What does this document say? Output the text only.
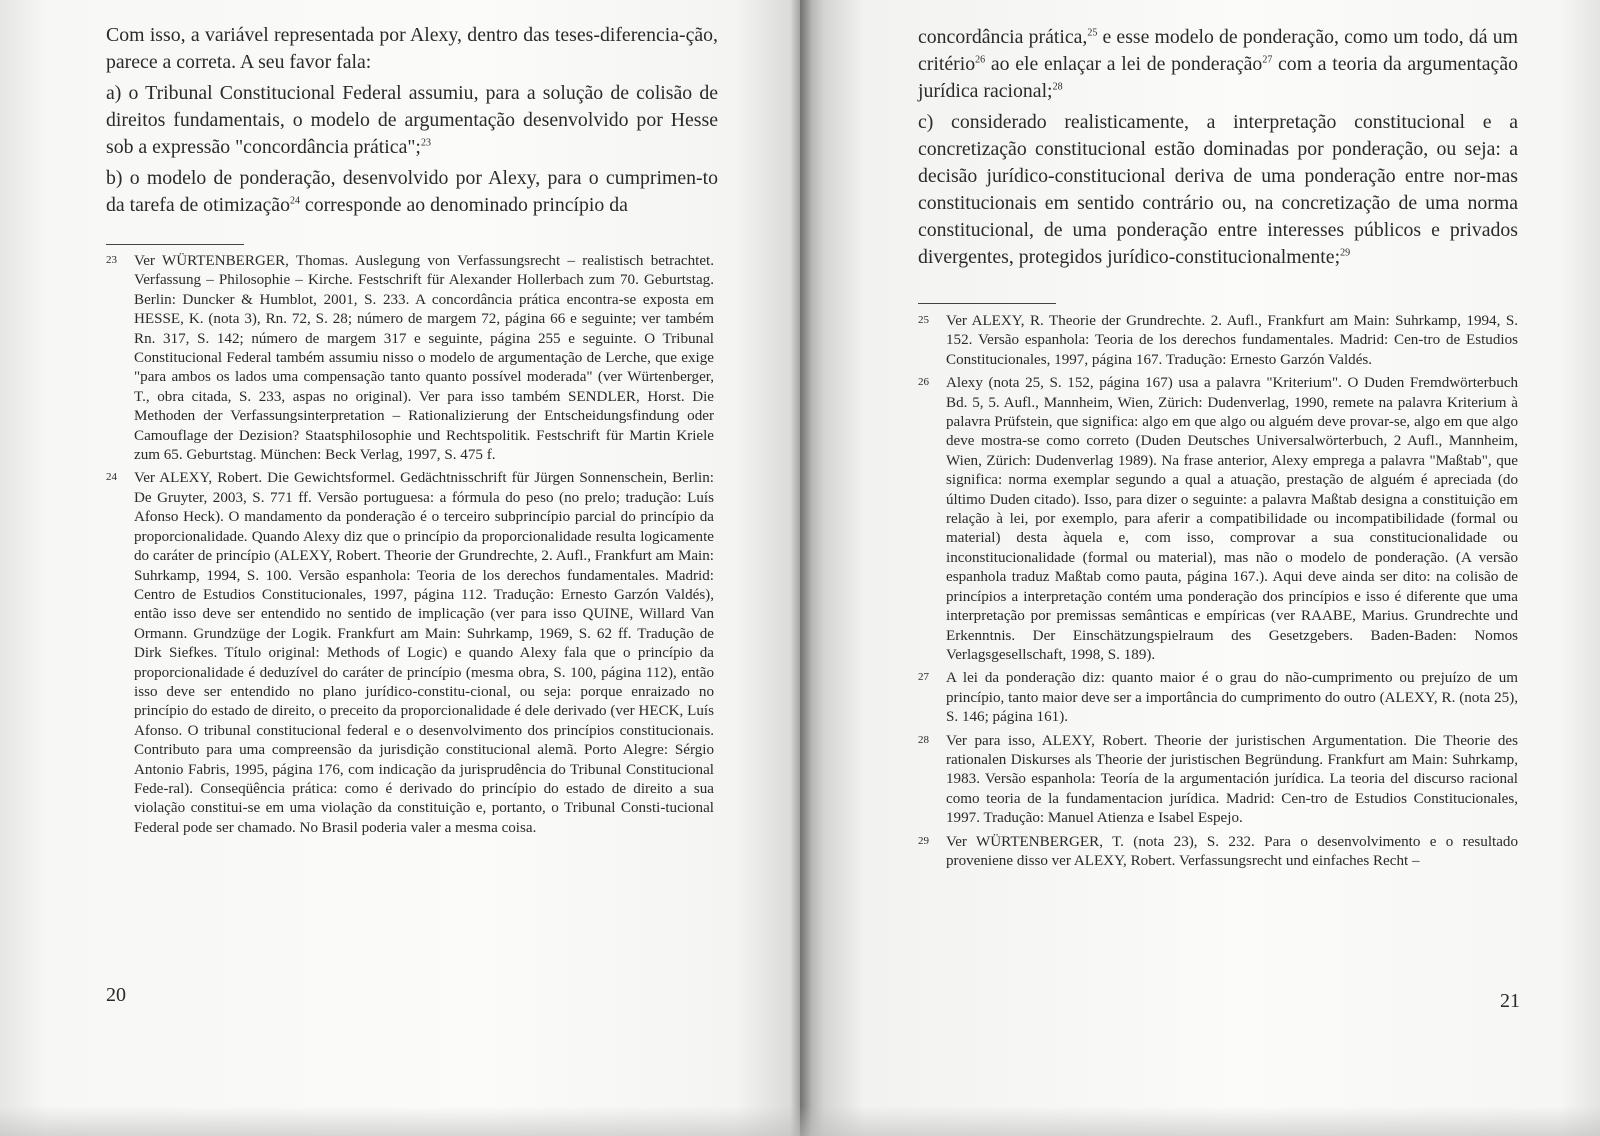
Com isso, a variável representada por Alexy, dentro das teses-diferencia-ção, parece a correta. A seu favor fala:

a) o Tribunal Constitucional Federal assumiu, para a solução de colisão de direitos fundamentais, o modelo de argumentação desenvolvido por Hesse sob a expressão "concordância prática";$^{23}$

b) o modelo de ponderação, desenvolvido por Alexy, para o cumprimen-to da tarefa de otimização$^{24}$ corresponde ao denominado princípio da

23 Ver WÜRTENBERGER, Thomas. Auslegung von Verfassungsrecht – realistisch betrachtet. Verfassung – Philosophie – Kirche. Festschrift für Alexander Hollerbach zum 70. Geburtstag. Berlin: Duncker & Humblot, 2001, S. 233. A concordância prática encontra-se exposta em HESSE, K. (nota 3), Rn. 72, S. 28; número de margem 72, página 66 e seguinte; ver também Rn. 317, S. 142; número de margem 317 e seguinte, página 255 e seguinte. O Tribunal Constitucional Federal também assumiu nisso o modelo de argumentação de Lerche, que exige "para ambos os lados uma compensação tanto quanto possível moderada" (ver Würtenberger, T., obra citada, S. 233, aspas no original). Ver para isso também SENDLER, Horst. Die Methoden der Verfassungsinterpretation – Rationalizierung der Entscheidungsfindung oder Camouflage der Dezision? Staatsphilosophie und Rechtspolitik. Festschrift für Martin Kriele zum 65. Geburtstag. München: Beck Verlag, 1997, S. 475 f.
24 Ver ALEXY, Robert. Die Gewichtsformel. Gedächtnisschrift für Jürgen Sonnenschein, Berlin: De Gruyter, 2003, S. 771 ff. Versão portuguesa: a fórmula do peso (no prelo; tradução: Luís Afonso Heck). O mandamento da ponderação é o terceiro subprincípio parcial do princípio da proporcionalidade. Quando Alexy diz que o princípio da proporcionalidade resulta logicamente do caráter de princípio (ALEXY, Robert. Theorie der Grundrechte, 2. Aufl., Frankfurt am Main: Suhrkamp, 1994, S. 100. Versão espanhola: Teoria de los derechos fundamentales. Madrid: Centro de Estudios Constitucionales, 1997, página 112. Tradução: Ernesto Garzón Valdés), então isso deve ser entendido no sentido de implicação (ver para isso QUINE, Willard Van Ormann. Grundzüge der Logik. Frankfurt am Main: Suhrkamp, 1969, S. 62 ff. Tradução de Dirk Siefkes. Título original: Methods of Logic) e quando Alexy fala que o princípio da proporcionalidade é deduzível do caráter de princípio (mesma obra, S. 100, página 112), então isso deve ser entendido no plano jurídico-constitu-cional, ou seja: porque enraizado no princípio do estado de direito, o preceito da proporcionalidade é dele derivado (ver HECK, Luís Afonso. O tribunal constitucional federal e o desenvolvimento dos princípios constitucionais. Contributo para uma compreensão da jurisdição constitucional alemã. Porto Alegre: Sérgio Antonio Fabris, 1995, página 176, com indicação da jurisprudência do Tribunal Constitucional Fede-ral). Conseqüência prática: como é derivado do princípio do estado de direito a sua violação constitui-se em uma violação da constituição e, portanto, o Tribunal Consti-tucional Federal pode ser chamado. No Brasil poderia valer a mesma coisa.
20

concordância prática,$^{25}$ e esse modelo de ponderação, como um todo, dá um critério$^{26}$ ao ele enlaçar a lei de ponderação$^{27}$ com a teoria da argumentação jurídica racional;$^{28}$

c) considerado realisticamente, a interpretação constitucional e a concretização constitucional estão dominadas por ponderação, ou seja: a decisão jurídico-constitucional deriva de uma ponderação entre nor-mas constitucionais em sentido contrário ou, na concretização de uma norma constitucional, de uma ponderação entre interesses públicos e privados divergentes, protegidos jurídico-constitucionalmente;$^{29}$

25 Ver ALEXY, R. Theorie der Grundrechte. 2. Aufl., Frankfurt am Main: Suhrkamp, 1994, S. 152. Versão espanhola: Teoria de los derechos fundamentales. Madrid: Cen-tro de Estudios Constitucionales, 1997, página 167. Tradução: Ernesto Garzón Valdés.
26 Alexy (nota 25, S. 152, página 167) usa a palavra "Kriterium". O Duden Fremdwörterbuch Bd. 5, 5. Aufl., Mannheim, Wien, Zürich: Dudenverlag, 1990, remete na palavra Kriterium à palavra Prüfstein, que significa: algo em que algo ou alguém deve provar-se, algo em que algo deve mostra-se como correto (Duden Deutsches Universalwörterbuch, 2 Aufl., Mannheim, Wien, Zürich: Dudenverlag 1989). Na frase anterior, Alexy emprega a palavra "Maßtab", que significa: norma exemplar segundo a qual a atuação, prestação de alguém é apreciada (do último Duden citado). Isso, para dizer o seguinte: a palavra Maßtab designa a constituição em relação à lei, por exemplo, para aferir a compatibilidade ou incompatibilidade (formal ou material) desta àquela e, com isso, comprovar a sua constitucionalidade ou inconstitucionalidade (formal ou material), mas não o modelo de ponderação. (A versão espanhola traduz Maßtab como pauta, página 167.). Aqui deve ainda ser dito: na colisão de princípios a interpretação contém uma ponderação dos princípios e isso é diferente que uma interpretação por premissas semânticas e empíricas (ver RAABE, Marius. Grundrechte und Erkenntnis. Der Einschätzungspielraum des Gesetzgebers. Baden-Baden: Nomos Verlagsgesellschaft, 1998, S. 189).
27 A lei da ponderação diz: quanto maior é o grau do não-cumprimento ou prejuízo de um princípio, tanto maior deve ser a importância do cumprimento do outro (ALEXY, R. (nota 25), S. 146; página 161).
28 Ver para isso, ALEXY, Robert. Theorie der juristischen Argumentation. Die Theorie des rationalen Diskurses als Theorie der juristischen Begründung. Frankfurt am Main: Suhrkamp, 1983. Versão espanhola: Teoría de la argumentación jurídica. La teoria del discurso racional como teoria de la fundamentacion jurídica. Madrid: Cen-tro de Estudios Constitucionales, 1997. Tradução: Manuel Atienza e Isabel Espejo.
29 Ver WÜRTENBERGER, T. (nota 23), S. 232. Para o desenvolvimento e o resultado proveniene disso ver ALEXY, Robert. Verfassungsrecht und einfaches Recht –
21
